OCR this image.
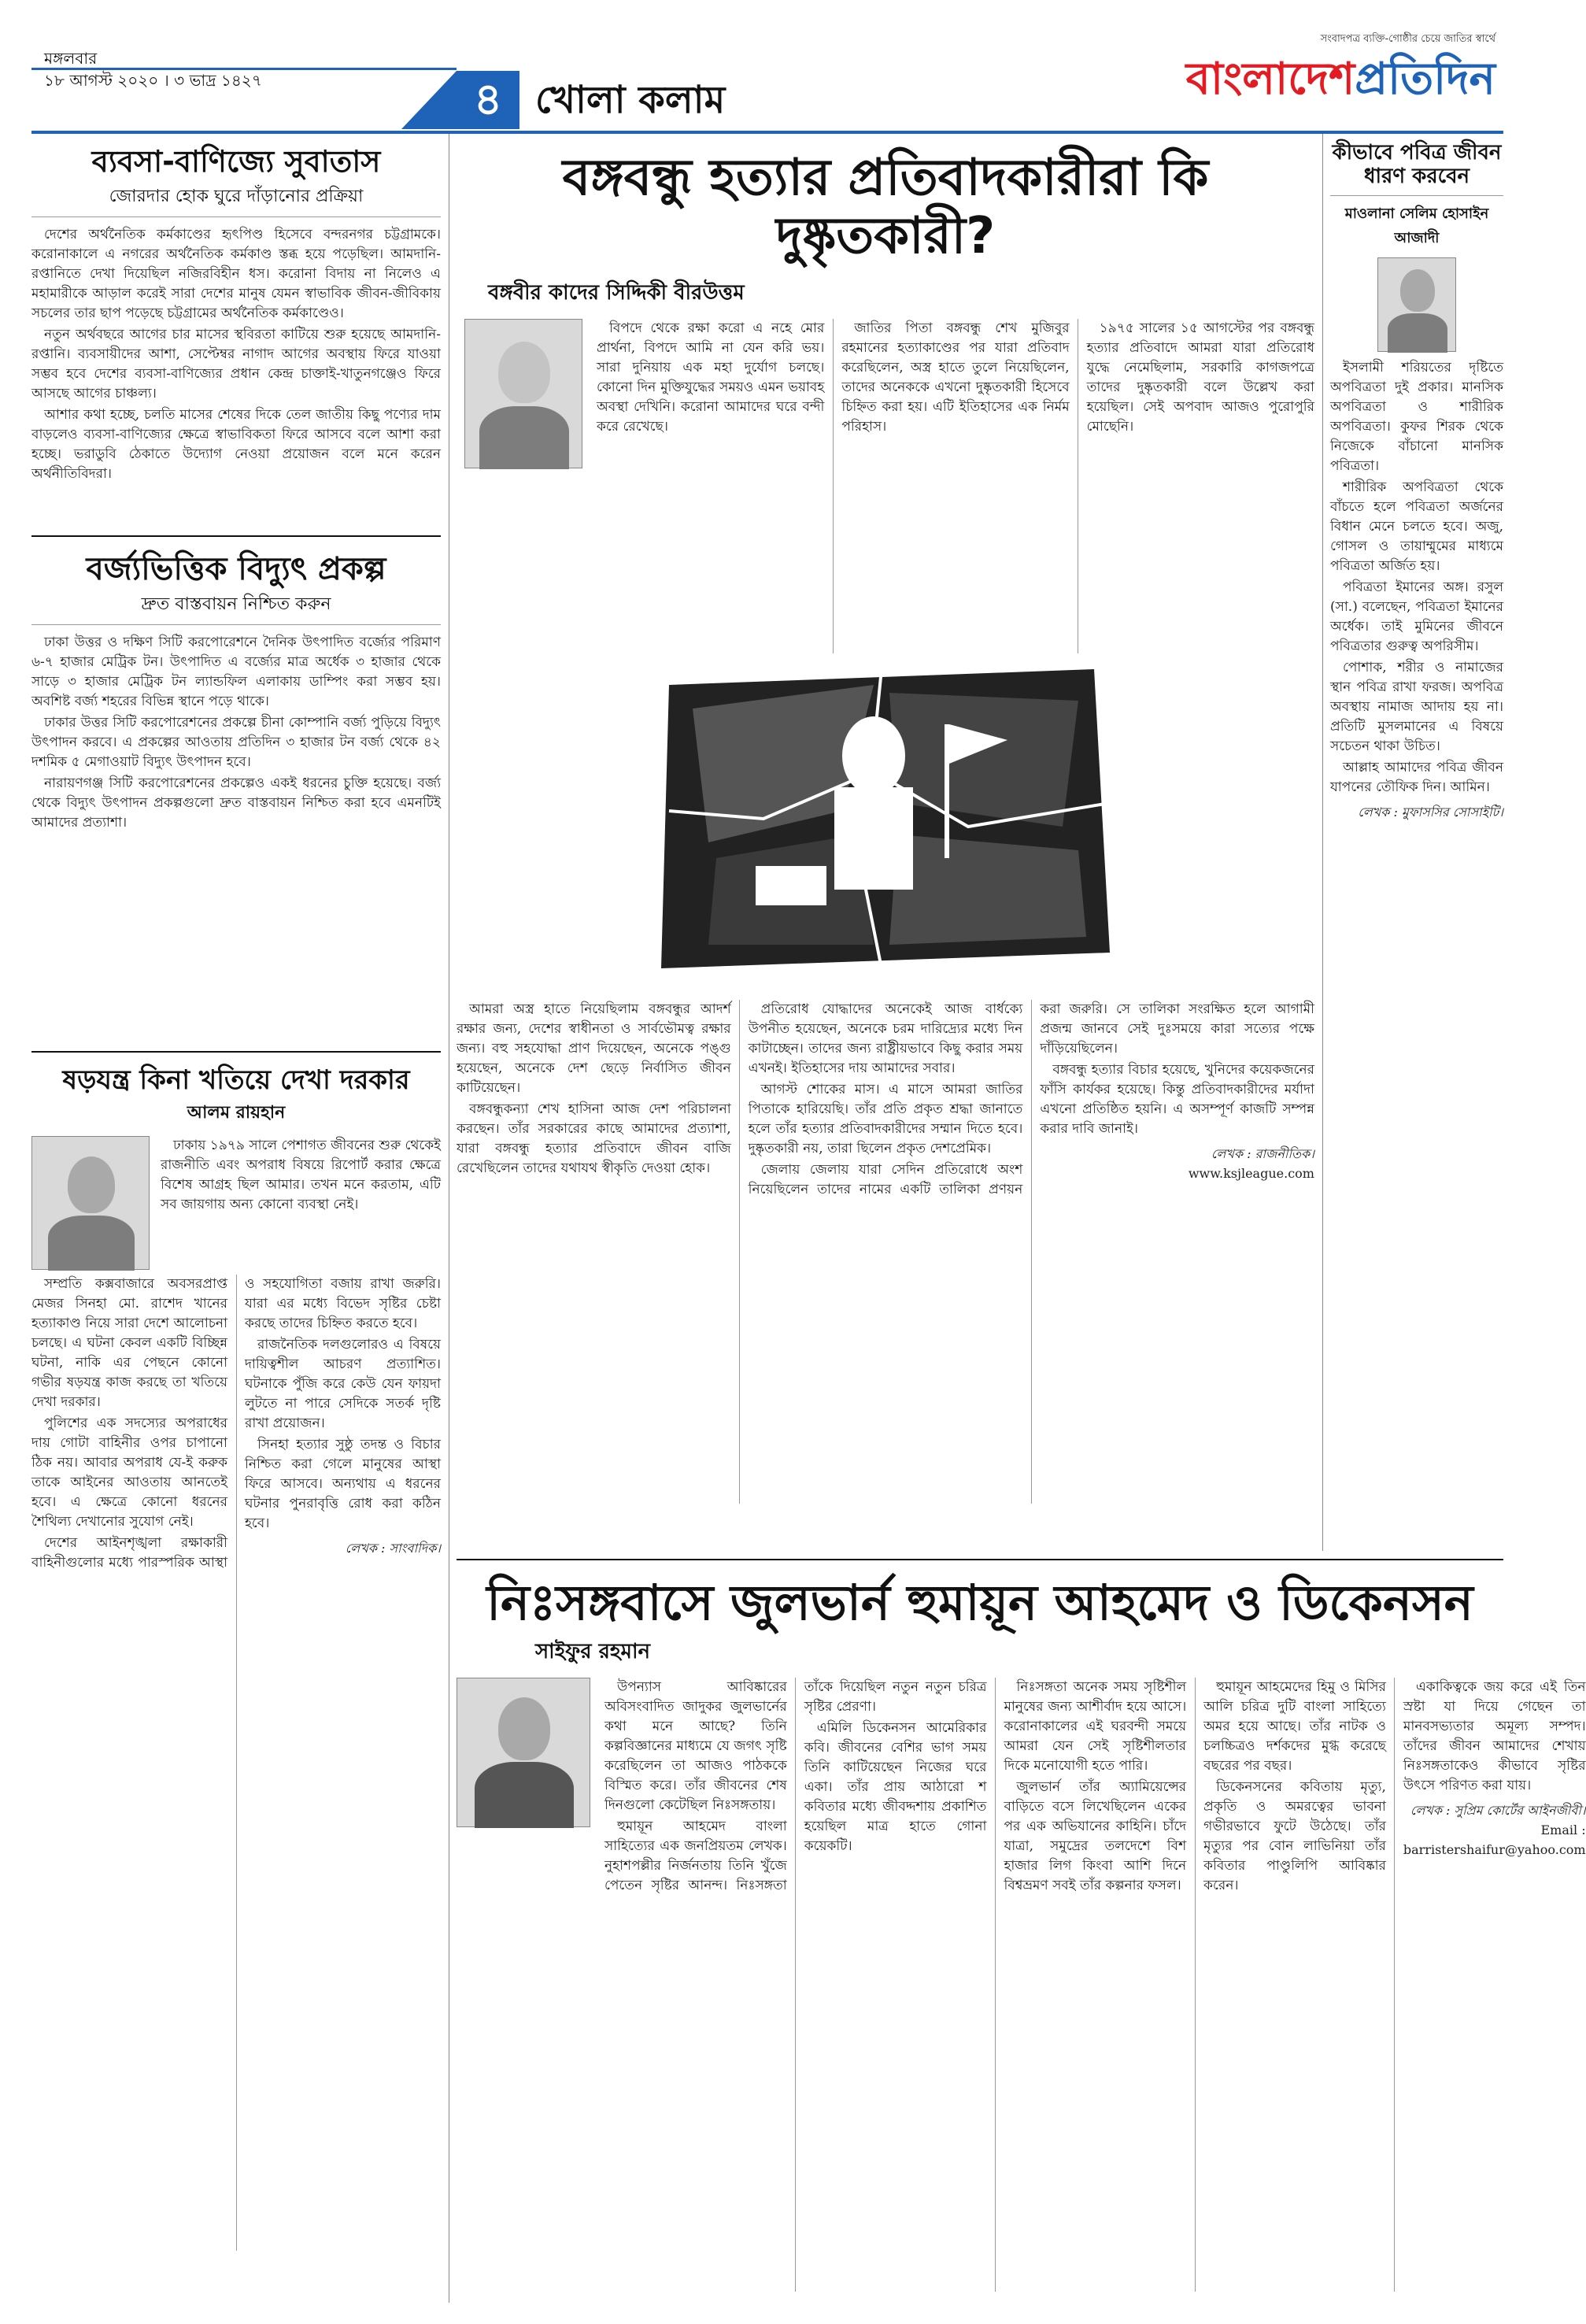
মঙ্গলবার
১৮ আগস্ট ২০২০ । ৩ ভাদ্র ১৪২৭	৪ খোলা কলাম
সংবাদপত্র ব্যক্তি-গোষ্ঠীর চেয়ে জাতির স্বার্থে
বাংলাদেশপ্রতিদিন
ব্যবসা-বাণিজ্যে সুবাতাস
জোরদার হোক ঘুরে দাঁড়ানোর প্রক্রিয়া

দেশের অর্থনৈতিক কর্মকাণ্ডের হৃৎপিণ্ড হিসেবে বন্দরনগর চট্টগ্রামকে। করোনাকালে এ নগরের অর্থনৈতিক কর্মকাণ্ড স্তব্ধ হয়ে পড়েছিল। আমদানি-রপ্তানিতে দেখা দিয়েছিল নজিরবিহীন ধস। করোনা বিদায় না নিলেও এ মহামারীকে আড়াল করেই সারা দেশের মানুষ যেমন স্বাভাবিক জীবন-জীবিকায় সচলের তার ছাপ পড়েছে চট্টগ্রামের অর্থনৈতিক কর্মকাণ্ডেও।

নতুন অর্থবছরে আগের চার মাসের স্থবিরতা কাটিয়ে শুরু হয়েছে আমদানি-রপ্তানি। ব্যবসায়ীদের আশা, সেপ্টেম্বর নাগাদ আগের অবস্থায় ফিরে যাওয়া সম্ভব হবে দেশের ব্যবসা-বাণিজ্যের প্রধান কেন্দ্র চাক্তাই-খাতুনগঞ্জেও ফিরে আসছে আগের চাঞ্চল্য।

আশার কথা হচ্ছে, চলতি মাসের শেষের দিকে তেল জাতীয় কিছু পণ্যের দাম বাড়লেও ব্যবসা-বাণিজ্যের ক্ষেত্রে স্বাভাবিকতা ফিরে আসবে বলে আশা করা হচ্ছে। ভরাডুবি ঠেকাতে উদ্যোগ নেওয়া প্রয়োজন বলে মনে করেন অর্থনীতিবিদরা।

বর্জ্যভিত্তিক বিদ্যুৎ প্রকল্প
দ্রুত বাস্তবায়ন নিশ্চিত করুন

ঢাকা উত্তর ও দক্ষিণ সিটি করপোরেশনে দৈনিক উৎপাদিত বর্জ্যের পরিমাণ ৬-৭ হাজার মেট্রিক টন। উৎপাদিত এ বর্জ্যের মাত্র অর্ধেক ৩ হাজার থেকে সাড়ে ৩ হাজার মেট্রিক টন ল্যান্ডফিল এলাকায় ডাম্পিং করা সম্ভব হয়। অবশিষ্ট বর্জ্য শহরের বিভিন্ন স্থানে পড়ে থাকে।

ঢাকার উত্তর সিটি করপোরেশনের প্রকল্পে চীনা কোম্পানি বর্জ্য পুড়িয়ে বিদ্যুৎ উৎপাদন করবে। এ প্রকল্পের আওতায় প্রতিদিন ৩ হাজার টন বর্জ্য থেকে ৪২ দশমিক ৫ মেগাওয়াট বিদ্যুৎ উৎপাদন হবে।

নারায়ণগঞ্জ সিটি করপোরেশনের প্রকল্পেও একই ধরনের চুক্তি হয়েছে। বর্জ্য থেকে বিদ্যুৎ উৎপাদন প্রকল্পগুলো দ্রুত বাস্তবায়ন নিশ্চিত করা হবে এমনটিই আমাদের প্রত্যাশা।

ষড়যন্ত্র কিনা খতিয়ে দেখা দরকার
আলম রায়হান

ঢাকায় ১৯৭৯ সালে পেশাগত জীবনের শুরু থেকেই রাজনীতি এবং অপরাধ বিষয়ে রিপোর্ট করার ক্ষেত্রে বিশেষ আগ্রহ ছিল আমার। তখন মনে করতাম, এটি সব জায়গায় অন্য কোনো ব্যবস্থা নেই।

সম্প্রতি কক্সবাজারে অবসরপ্রাপ্ত মেজর সিনহা মো. রাশেদ খানের হত্যাকাণ্ড নিয়ে সারা দেশে আলোচনা চলছে। এ ঘটনা কেবল একটি বিচ্ছিন্ন ঘটনা, নাকি এর পেছনে কোনো গভীর ষড়যন্ত্র কাজ করছে তা খতিয়ে দেখা দরকার।

পুলিশের এক সদস্যের অপরাধের দায় গোটা বাহিনীর ওপর চাপানো ঠিক নয়। আবার অপরাধ যে-ই করুক তাকে আইনের আওতায় আনতেই হবে। এ ক্ষেত্রে কোনো ধরনের শৈথিল্য দেখানোর সুযোগ নেই।

দেশের আইনশৃঙ্খলা রক্ষাকারী বাহিনীগুলোর মধ্যে পারস্পরিক আস্থা ও সহযোগিতা বজায় রাখা জরুরি। যারা এর মধ্যে বিভেদ সৃষ্টির চেষ্টা করছে তাদের চিহ্নিত করতে হবে।

রাজনৈতিক দলগুলোরও এ বিষয়ে দায়িত্বশীল আচরণ প্রত্যাশিত। ঘটনাকে পুঁজি করে কেউ যেন ফায়দা লুটতে না পারে সেদিকে সতর্ক দৃষ্টি রাখা প্রয়োজন।

সিনহা হত্যার সুষ্ঠু তদন্ত ও বিচার নিশ্চিত করা গেলে মানুষের আস্থা ফিরে আসবে। অন্যথায় এ ধরনের ঘটনার পুনরাবৃত্তি রোধ করা কঠিন হবে।

লেখক : সাংবাদিক।
বঙ্গবন্ধু হত্যার প্রতিবাদকারীরা কি দুষ্কৃতকারী?
বঙ্গবীর কাদের সিদ্দিকী বীরউত্তম

বিপদে থেকে রক্ষা করো এ নহে মোর প্রার্থনা, বিপদে আমি না যেন করি ভয়। সারা দুনিয়ায় এক মহা দুর্যোগ চলছে। কোনো দিন মুক্তিযুদ্ধের সময়ও এমন ভয়াবহ অবস্থা দেখিনি। করোনা আমাদের ঘরে বন্দী করে রেখেছে।

জাতির পিতা বঙ্গবন্ধু শেখ মুজিবুর রহমানের হত্যাকাণ্ডের পর যারা প্রতিবাদ করেছিলেন, অস্ত্র হাতে তুলে নিয়েছিলেন, তাদের অনেককে এখনো দুষ্কৃতকারী হিসেবে চিহ্নিত করা হয়। এটি ইতিহাসের এক নির্মম পরিহাস।

১৯৭৫ সালের ১৫ আগস্টের পর বঙ্গবন্ধু হত্যার প্রতিবাদে আমরা যারা প্রতিরোধ যুদ্ধে নেমেছিলাম, সরকারি কাগজপত্রে তাদের দুষ্কৃতকারী বলে উল্লেখ করা হয়েছিল। সেই অপবাদ আজও পুরোপুরি মোছেনি।

আমরা অস্ত্র হাতে নিয়েছিলাম বঙ্গবন্ধুর আদর্শ রক্ষার জন্য, দেশের স্বাধীনতা ও সার্বভৌমত্ব রক্ষার জন্য। বহু সহযোদ্ধা প্রাণ দিয়েছেন, অনেকে পঙ্গু হয়েছেন, অনেকে দেশ ছেড়ে নির্বাসিত জীবন কাটিয়েছেন।

বঙ্গবন্ধুকন্যা শেখ হাসিনা আজ দেশ পরিচালনা করছেন। তাঁর সরকারের কাছে আমাদের প্রত্যাশা, যারা বঙ্গবন্ধু হত্যার প্রতিবাদে জীবন বাজি রেখেছিলেন তাদের যথাযথ স্বীকৃতি দেওয়া হোক।

প্রতিরোধ যোদ্ধাদের অনেকেই আজ বার্ধক্যে উপনীত হয়েছেন, অনেকে চরম দারিদ্র্যের মধ্যে দিন কাটাচ্ছেন। তাদের জন্য রাষ্ট্রীয়ভাবে কিছু করার সময় এখনই। ইতিহাসের দায় আমাদের সবার।

আগস্ট শোকের মাস। এ মাসে আমরা জাতির পিতাকে হারিয়েছি। তাঁর প্রতি প্রকৃত শ্রদ্ধা জানাতে হলে তাঁর হত্যার প্রতিবাদকারীদের সম্মান দিতে হবে। দুষ্কৃতকারী নয়, তারা ছিলেন প্রকৃত দেশপ্রেমিক।

জেলায় জেলায় যারা সেদিন প্রতিরোধে অংশ নিয়েছিলেন তাদের নামের একটি তালিকা প্রণয়ন করা জরুরি। সে তালিকা সংরক্ষিত হলে আগামী প্রজন্ম জানবে সেই দুঃসময়ে কারা সত্যের পক্ষে দাঁড়িয়েছিলেন।

বঙ্গবন্ধু হত্যার বিচার হয়েছে, খুনিদের কয়েকজনের ফাঁসি কার্যকর হয়েছে। কিন্তু প্রতিবাদকারীদের মর্যাদা এখনো প্রতিষ্ঠিত হয়নি। এ অসম্পূর্ণ কাজটি সম্পন্ন করার দাবি জানাই।

লেখক : রাজনীতিক।
www.ksjleague.com
কীভাবে পবিত্র জীবন ধারণ করবেন
মাওলানা সেলিম হোসাইন আজাদী

ইসলামী শরিয়তের দৃষ্টিতে অপবিত্রতা দুই প্রকার। মানসিক অপবিত্রতা ও শারীরিক অপবিত্রতা। কুফর শিরক থেকে নিজেকে বাঁচানো মানসিক পবিত্রতা।

শারীরিক অপবিত্রতা থেকে বাঁচতে হলে পবিত্রতা অর্জনের বিধান মেনে চলতে হবে। অজু, গোসল ও তায়াম্মুমের মাধ্যমে পবিত্রতা অর্জিত হয়।

পবিত্রতা ইমানের অঙ্গ। রসুল (সা.) বলেছেন, পবিত্রতা ইমানের অর্ধেক। তাই মুমিনের জীবনে পবিত্রতার গুরুত্ব অপরিসীম।

পোশাক, শরীর ও নামাজের স্থান পবিত্র রাখা ফরজ। অপবিত্র অবস্থায় নামাজ আদায় হয় না। প্রতিটি মুসলমানের এ বিষয়ে সচেতন থাকা উচিত।

আল্লাহ আমাদের পবিত্র জীবন যাপনের তৌফিক দিন। আমিন।

লেখক : মুফাসসির সোসাইটি।
নিঃসঙ্গবাসে জুলভার্ন হুমায়ূন আহমেদ ও ডিকেনসন
সাইফুর রহমান

উপন্যাস আবিষ্কারের অবিসংবাদিত জাদুকর জুলভার্নের কথা মনে আছে? তিনি কল্পবিজ্ঞানের মাধ্যমে যে জগৎ সৃষ্টি করেছিলেন তা আজও পাঠককে বিস্মিত করে। তাঁর জীবনের শেষ দিনগুলো কেটেছিল নিঃসঙ্গতায়।

হুমায়ূন আহমেদ বাংলা সাহিত্যের এক জনপ্রিয়তম লেখক। নুহাশপল্লীর নির্জনতায় তিনি খুঁজে পেতেন সৃষ্টির আনন্দ। নিঃসঙ্গতা তাঁকে দিয়েছিল নতুন নতুন চরিত্র সৃষ্টির প্রেরণা।

এমিলি ডিকেনসন আমেরিকার কবি। জীবনের বেশির ভাগ সময় তিনি কাটিয়েছেন নিজের ঘরে একা। তাঁর প্রায় আঠারো শ কবিতার মধ্যে জীবদ্দশায় প্রকাশিত হয়েছিল মাত্র হাতে গোনা কয়েকটি।

নিঃসঙ্গতা অনেক সময় সৃষ্টিশীল মানুষের জন্য আশীর্বাদ হয়ে আসে। করোনাকালের এই ঘরবন্দী সময়ে আমরা যেন সেই সৃষ্টিশীলতার দিকে মনোযোগী হতে পারি।

জুলভার্ন তাঁর অ্যামিয়েন্সের বাড়িতে বসে লিখেছিলেন একের পর এক অভিযানের কাহিনি। চাঁদে যাত্রা, সমুদ্রের তলদেশে বিশ হাজার লিগ কিংবা আশি দিনে বিশ্বভ্রমণ সবই তাঁর কল্পনার ফসল।

হুমায়ূন আহমেদের হিমু ও মিসির আলি চরিত্র দুটি বাংলা সাহিত্যে অমর হয়ে আছে। তাঁর নাটক ও চলচ্চিত্রও দর্শকদের মুগ্ধ করেছে বছরের পর বছর।

ডিকেনসনের কবিতায় মৃত্যু, প্রকৃতি ও অমরত্বের ভাবনা গভীরভাবে ফুটে উঠেছে। তাঁর মৃত্যুর পর বোন লাভিনিয়া তাঁর কবিতার পাণ্ডুলিপি আবিষ্কার করেন।

একাকিত্বকে জয় করে এই তিন স্রষ্টা যা দিয়ে গেছেন তা মানবসভ্যতার অমূল্য সম্পদ। তাঁদের জীবন আমাদের শেখায় নিঃসঙ্গতাকেও কীভাবে সৃষ্টির উৎসে পরিণত করা যায়।

লেখক : সুপ্রিম কোর্টের আইনজীবী।
Email : barristershaifur@yahoo.com
